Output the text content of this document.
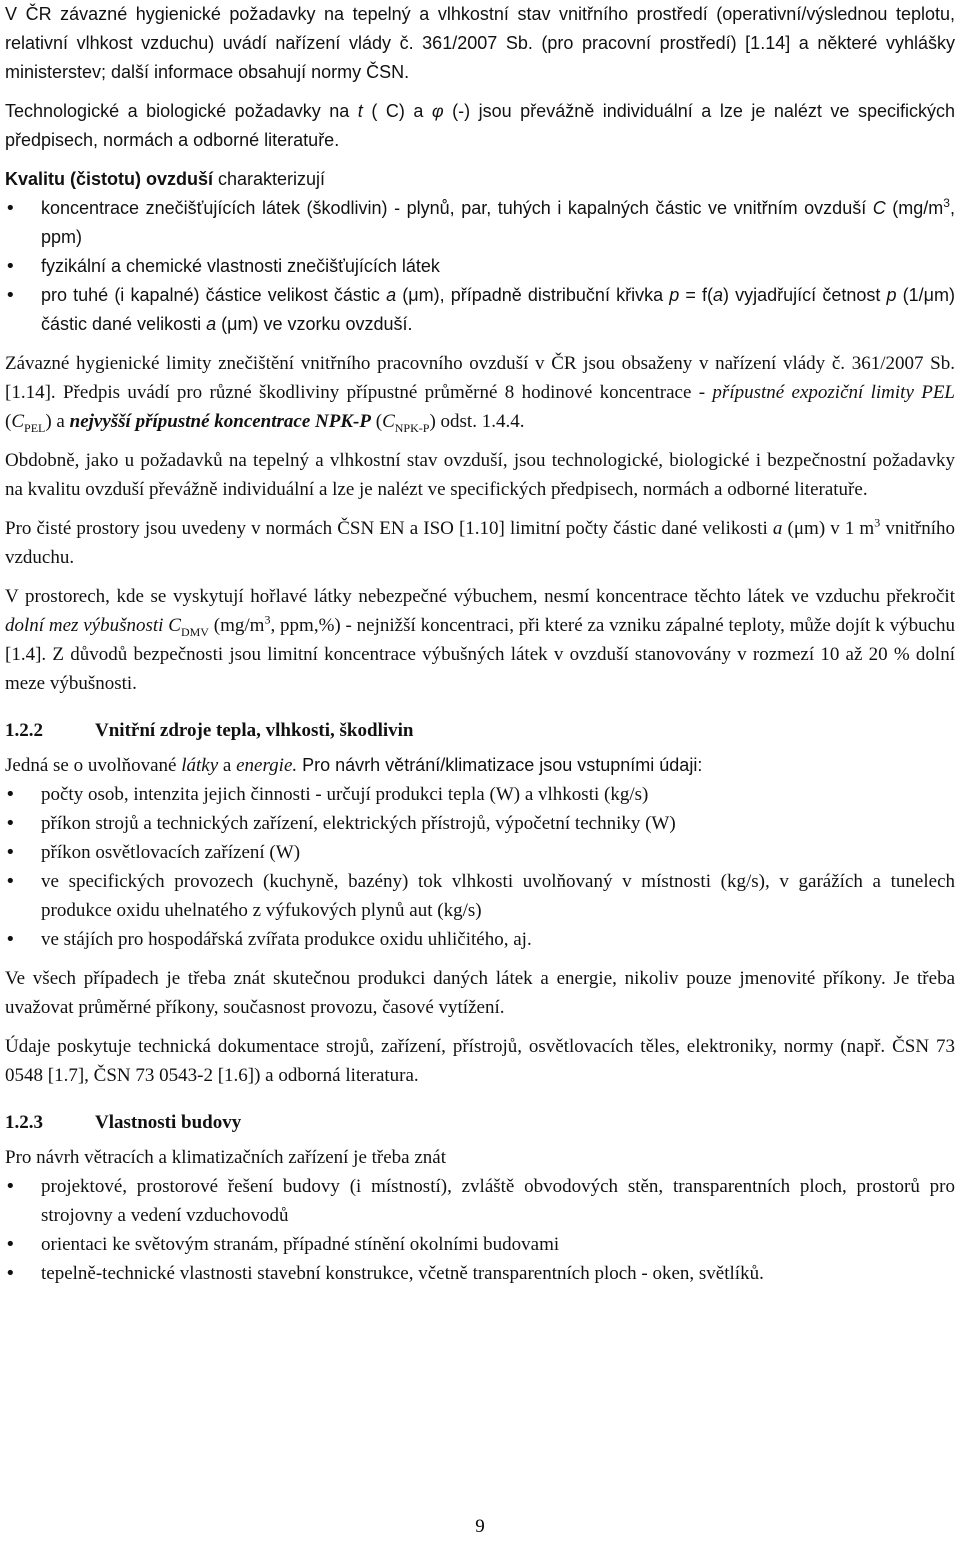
V ČR závazné hygienické požadavky na tepelný a vlhkostní stav vnitřního prostředí (operativní/výslednou teplotu, relativní vlhkost vzduchu) uvádí nařízení vlády č. 361/2007 Sb. (pro pracovní prostředí) [1.14] a některé vyhlášky ministerstev; další informace obsahují normy ČSN.

Technologické a biologické požadavky na t ( C) a φ (-) jsou převážně individuální a lze je nalézt ve specifických předpisech, normách a odborné literatuře.

Kvalitu (čistotu) ovzduší charakterizují

• koncentrace znečišťujících látek (škodlivin) - plynů, par, tuhých i kapalných částic ve vnitřním ovzduší C ($mg/m^3$, ppm)
• fyzikální a chemické vlastnosti znečišťujících látek
• pro tuhé (i kapalné) částice velikost částic a (μm), případně distribuční křivka p = f(a) vyjadřující četnost p (1/μm) částic dané velikosti a (μm) ve vzorku ovzduší.

Závazné hygienické limity znečištění vnitřního pracovního ovzduší v ČR jsou obsaženy v nařízení vlády č. 361/2007 Sb. [1.14]. Předpis uvádí pro různé škodliviny přípustné průměrné 8 hodinové koncentrace - přípustné expoziční limity PEL $(C_{PEL})$ a nejvyšší přípustné koncentrace NPK-P $(C_{NPK-P})$ odst. 1.4.4.

Obdobně, jako u požadavků na tepelný a vlhkostní stav ovzduší, jsou technologické, biologické i bezpečnostní požadavky na kvalitu ovzduší převážně individuální a lze je nalézt ve specifických předpisech, normách a odborné literatuře.

Pro čisté prostory jsou uvedeny v normách ČSN EN a ISO [1.10] limitní počty částic dané velikosti a (μm) v 1 $m^3$ vnitřního vzduchu.

V prostorech, kde se vyskytují hořlavé látky nebezpečné výbuchem, nesmí koncentrace těchto látek ve vzduchu překročit dolní mez výbušnosti $C_{DMV}$ ($mg/m^3$, ppm,%) - nejnižší koncentraci, při které za vzniku zápalné teploty, může dojít k výbuchu [1.4]. Z důvodů bezpečnosti jsou limitní koncentrace výbušných látek v ovzduší stanovovány v rozmezí 10 až 20 % dolní meze výbušnosti.

1.2.2	Vnitřní zdroje tepla, vlhkosti, škodlivin

Jedná se o uvolňované látky a energie. Pro návrh větrání/klimatizace jsou vstupními údaji:

• počty osob, intenzita jejich činnosti - určují produkci tepla (W) a vlhkosti (kg/s)
• příkon strojů a technických zařízení, elektrických přístrojů, výpočetní techniky (W)
• příkon osvětlovacích zařízení (W)
• ve specifických provozech (kuchyně, bazény) tok vlhkosti uvolňovaný v místnosti (kg/s), v garážích a tunelech produkce oxidu uhelnatého z výfukových plynů aut (kg/s)
• ve stájích pro hospodářská zvířata produkce oxidu uhličitého, aj.

Ve všech případech je třeba znát skutečnou produkci daných látek a energie, nikoliv pouze jmenovité příkony. Je třeba uvažovat průměrné příkony, současnost provozu, časové vytížení.

Údaje poskytuje technická dokumentace strojů, zařízení, přístrojů, osvětlovacích těles, elektroniky, normy (např. ČSN 73 0548 [1.7], ČSN 73 0543-2 [1.6]) a odborná literatura.

1.2.3	Vlastnosti budovy

Pro návrh větracích a klimatizačních zařízení je třeba znát

• projektové, prostorové řešení budovy (i místností), zvláště obvodových stěn, transparentních ploch, prostorů pro strojovny a vedení vzduchovodů
• orientaci ke světovým stranám, případné stínění okolními budovami
• tepelně-technické vlastnosti stavební konstrukce, včetně transparentních ploch - oken, světlíků.
9
